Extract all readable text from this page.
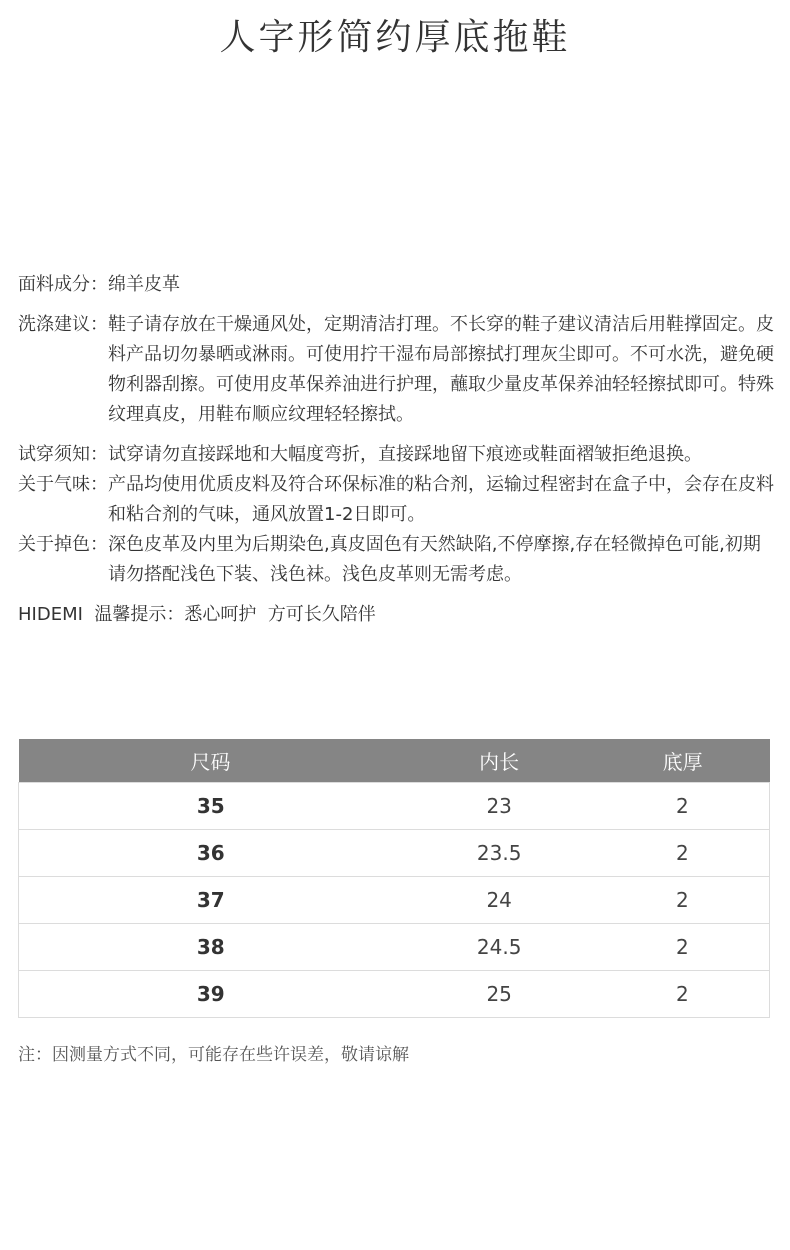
人字形简约厚底拖鞋
面料成分： 绵羊皮革
洗涤建议： 鞋子请存放在干燥通风处，定期清洁打理。不长穿的鞋子建议清洁后用鞋撑固定。皮料产品切勿暴晒或淋雨。可使用拧干湿布局部擦拭打理灰尘即可。不可水洗，避免硬物利器刮擦。可使用皮革保养油进行护理，蘸取少量皮革保养油轻轻擦拭即可。特殊纹理真皮，用鞋布顺应纹理轻轻擦拭。
试穿须知： 试穿请勿直接踩地和大幅度弯折，直接踩地留下痕迹或鞋面褶皱拒绝退换。
关于气味： 产品均使用优质皮料及符合环保标准的粘合剂，运输过程密封在盒子中，会存在皮料和粘合剂的气味，通风放置1-2日即可。
关于掉色： 深色皮革及内里为后期染色,真皮固色有天然缺陷,不停摩擦,存在轻微掉色可能,初期请勿搭配浅色下装、浅色袜。浅色皮革则无需考虑。
HIDEMI  温馨提示：悉心呵护  方可长久陪伴
尺码	内长	底厚
35	23	2
36	23.5	2
37	24	2
38	24.5	2
39	25	2
注：因测量方式不同，可能存在些许误差，敬请谅解
